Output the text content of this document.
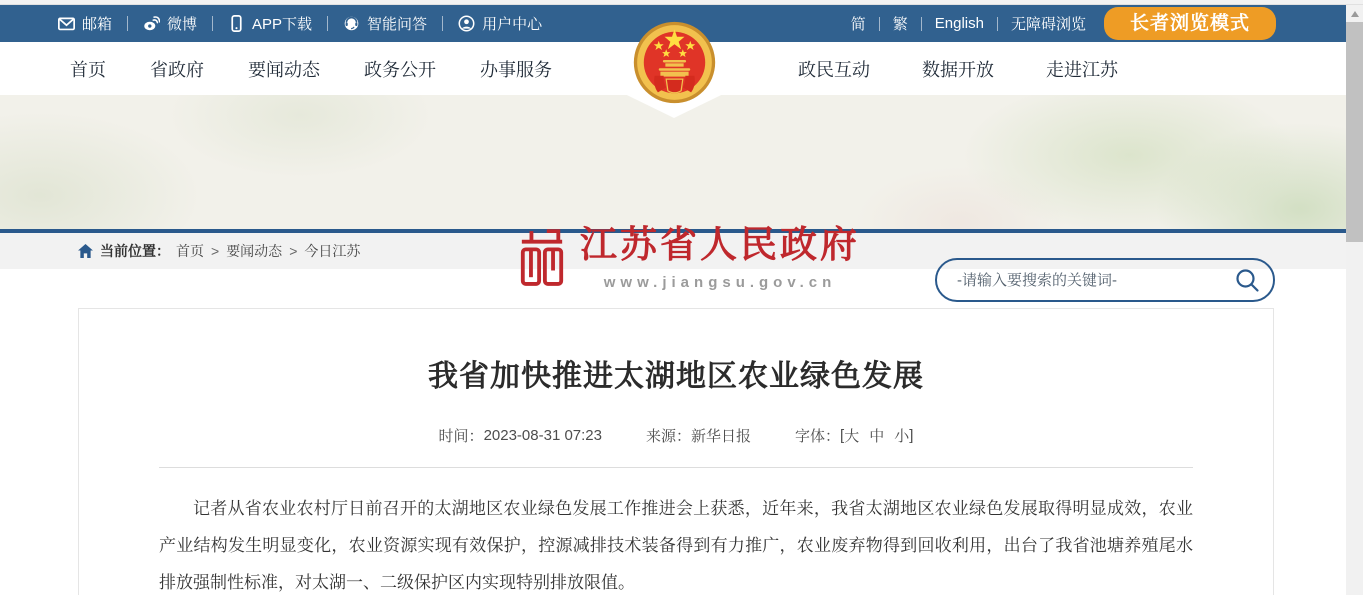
邮箱	微博	APP下载	智能问答	用户中心	简 繁 English 无障碍浏览	长者浏览模式
首页 省政府 要闻动态 政务公开 办事服务	政民互动	数据开放	走进江苏
江苏省人民政府
www.jiangsu.gov.cn
-请输入要搜索的关键词-
当前位置： 首页 > 要闻动态 > 今日江苏
我省加快推进太湖地区农业绿色发展
时间： 2023-08-31 07:23	来源： 新华日报	字体： [ 大 中 小 ]

记者从省农业农村厅日前召开的太湖地区农业绿色发展工作推进会上获悉，近年来，我省太湖地区农业绿色发展取得明显成效，农业产业结构发生明显变化，农业资源实现有效保护，控源减排技术装备得到有力推广，农业废弃物得到回收利用，出台了我省池塘养殖尾水排放强制性标准，对太湖一、二级保护区内实现特别排放限值。
